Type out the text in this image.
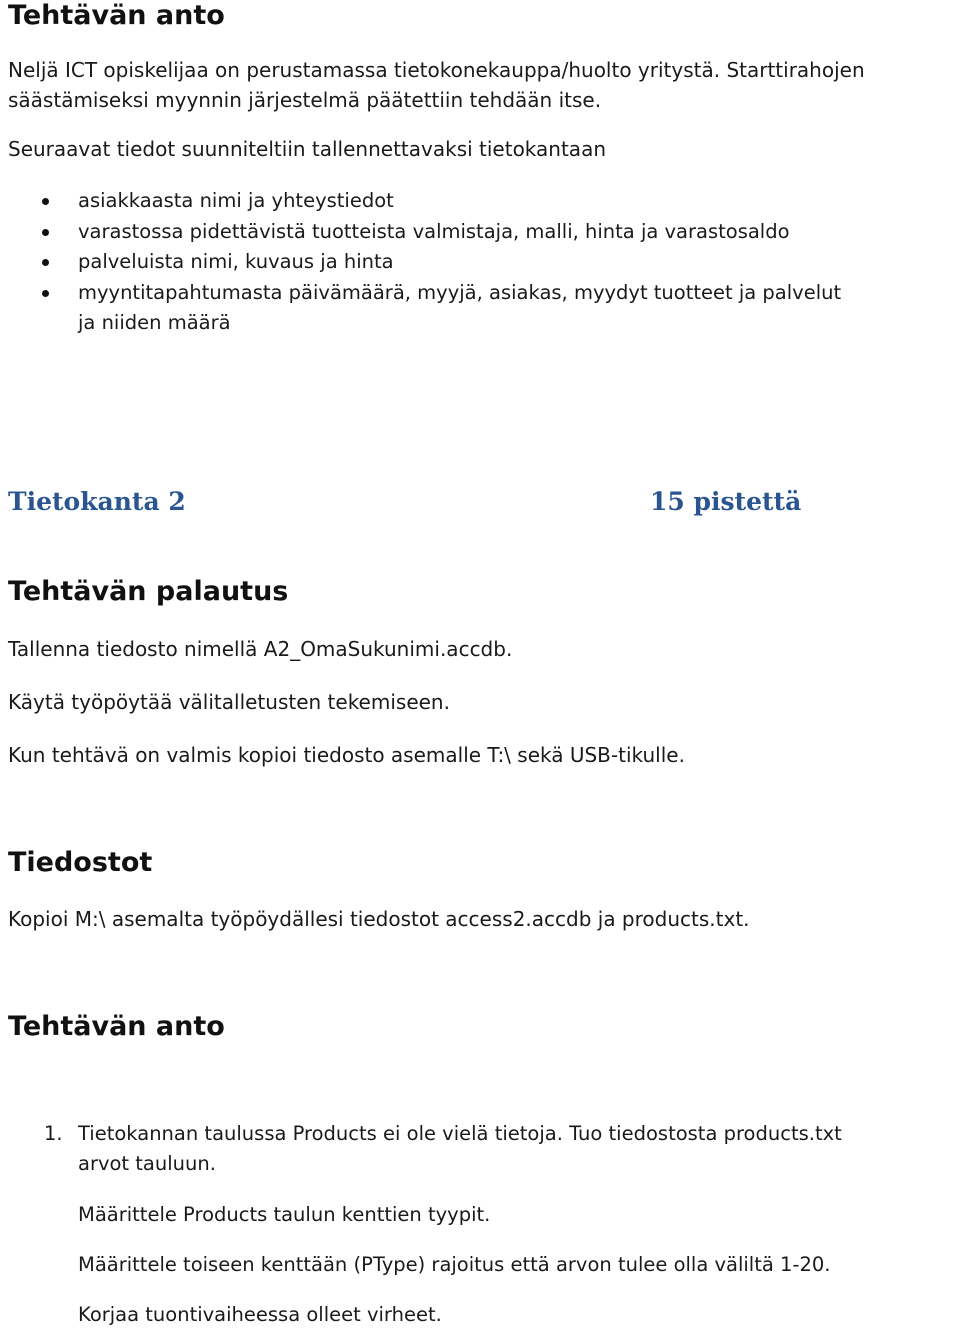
Tehtävän anto
Neljä ICT opiskelijaa on perustamassa tietokonekauppa/huolto yritystä. Starttirahojen
säästämiseksi myynnin järjestelmä päätettiin tehdään itse.
Seuraavat tiedot suunniteltiin tallennettavaksi tietokantaan
asiakkaasta nimi ja yhteystiedot
varastossa pidettävistä tuotteista valmistaja, malli, hinta ja varastosaldo
palveluista nimi, kuvaus ja hinta
myyntitapahtumasta päivämäärä, myyjä, asiakas, myydyt tuotteet ja palvelut
ja niiden määrä
Tietokanta 2	15 pistettä
Tehtävän palautus
Tallenna tiedosto nimellä A2_OmaSukunimi.accdb.
Käytä työpöytää välitalletusten tekemiseen.
Kun tehtävä on valmis kopioi tiedosto asemalle T:\ sekä USB-tikulle.
Tiedostot
Kopioi M:\ asemalta työpöydällesi tiedostot access2.accdb ja products.txt.
Tehtävän anto
1. Tietokannan taulussa Products ei ole vielä tietoja. Tuo tiedostosta products.txt
arvot tauluun.
Määrittele Products taulun kenttien tyypit.
Määrittele toiseen kenttään (PType) rajoitus että arvon tulee olla väliltä 1-20.
Korjaa tuontivaiheessa olleet virheet.
